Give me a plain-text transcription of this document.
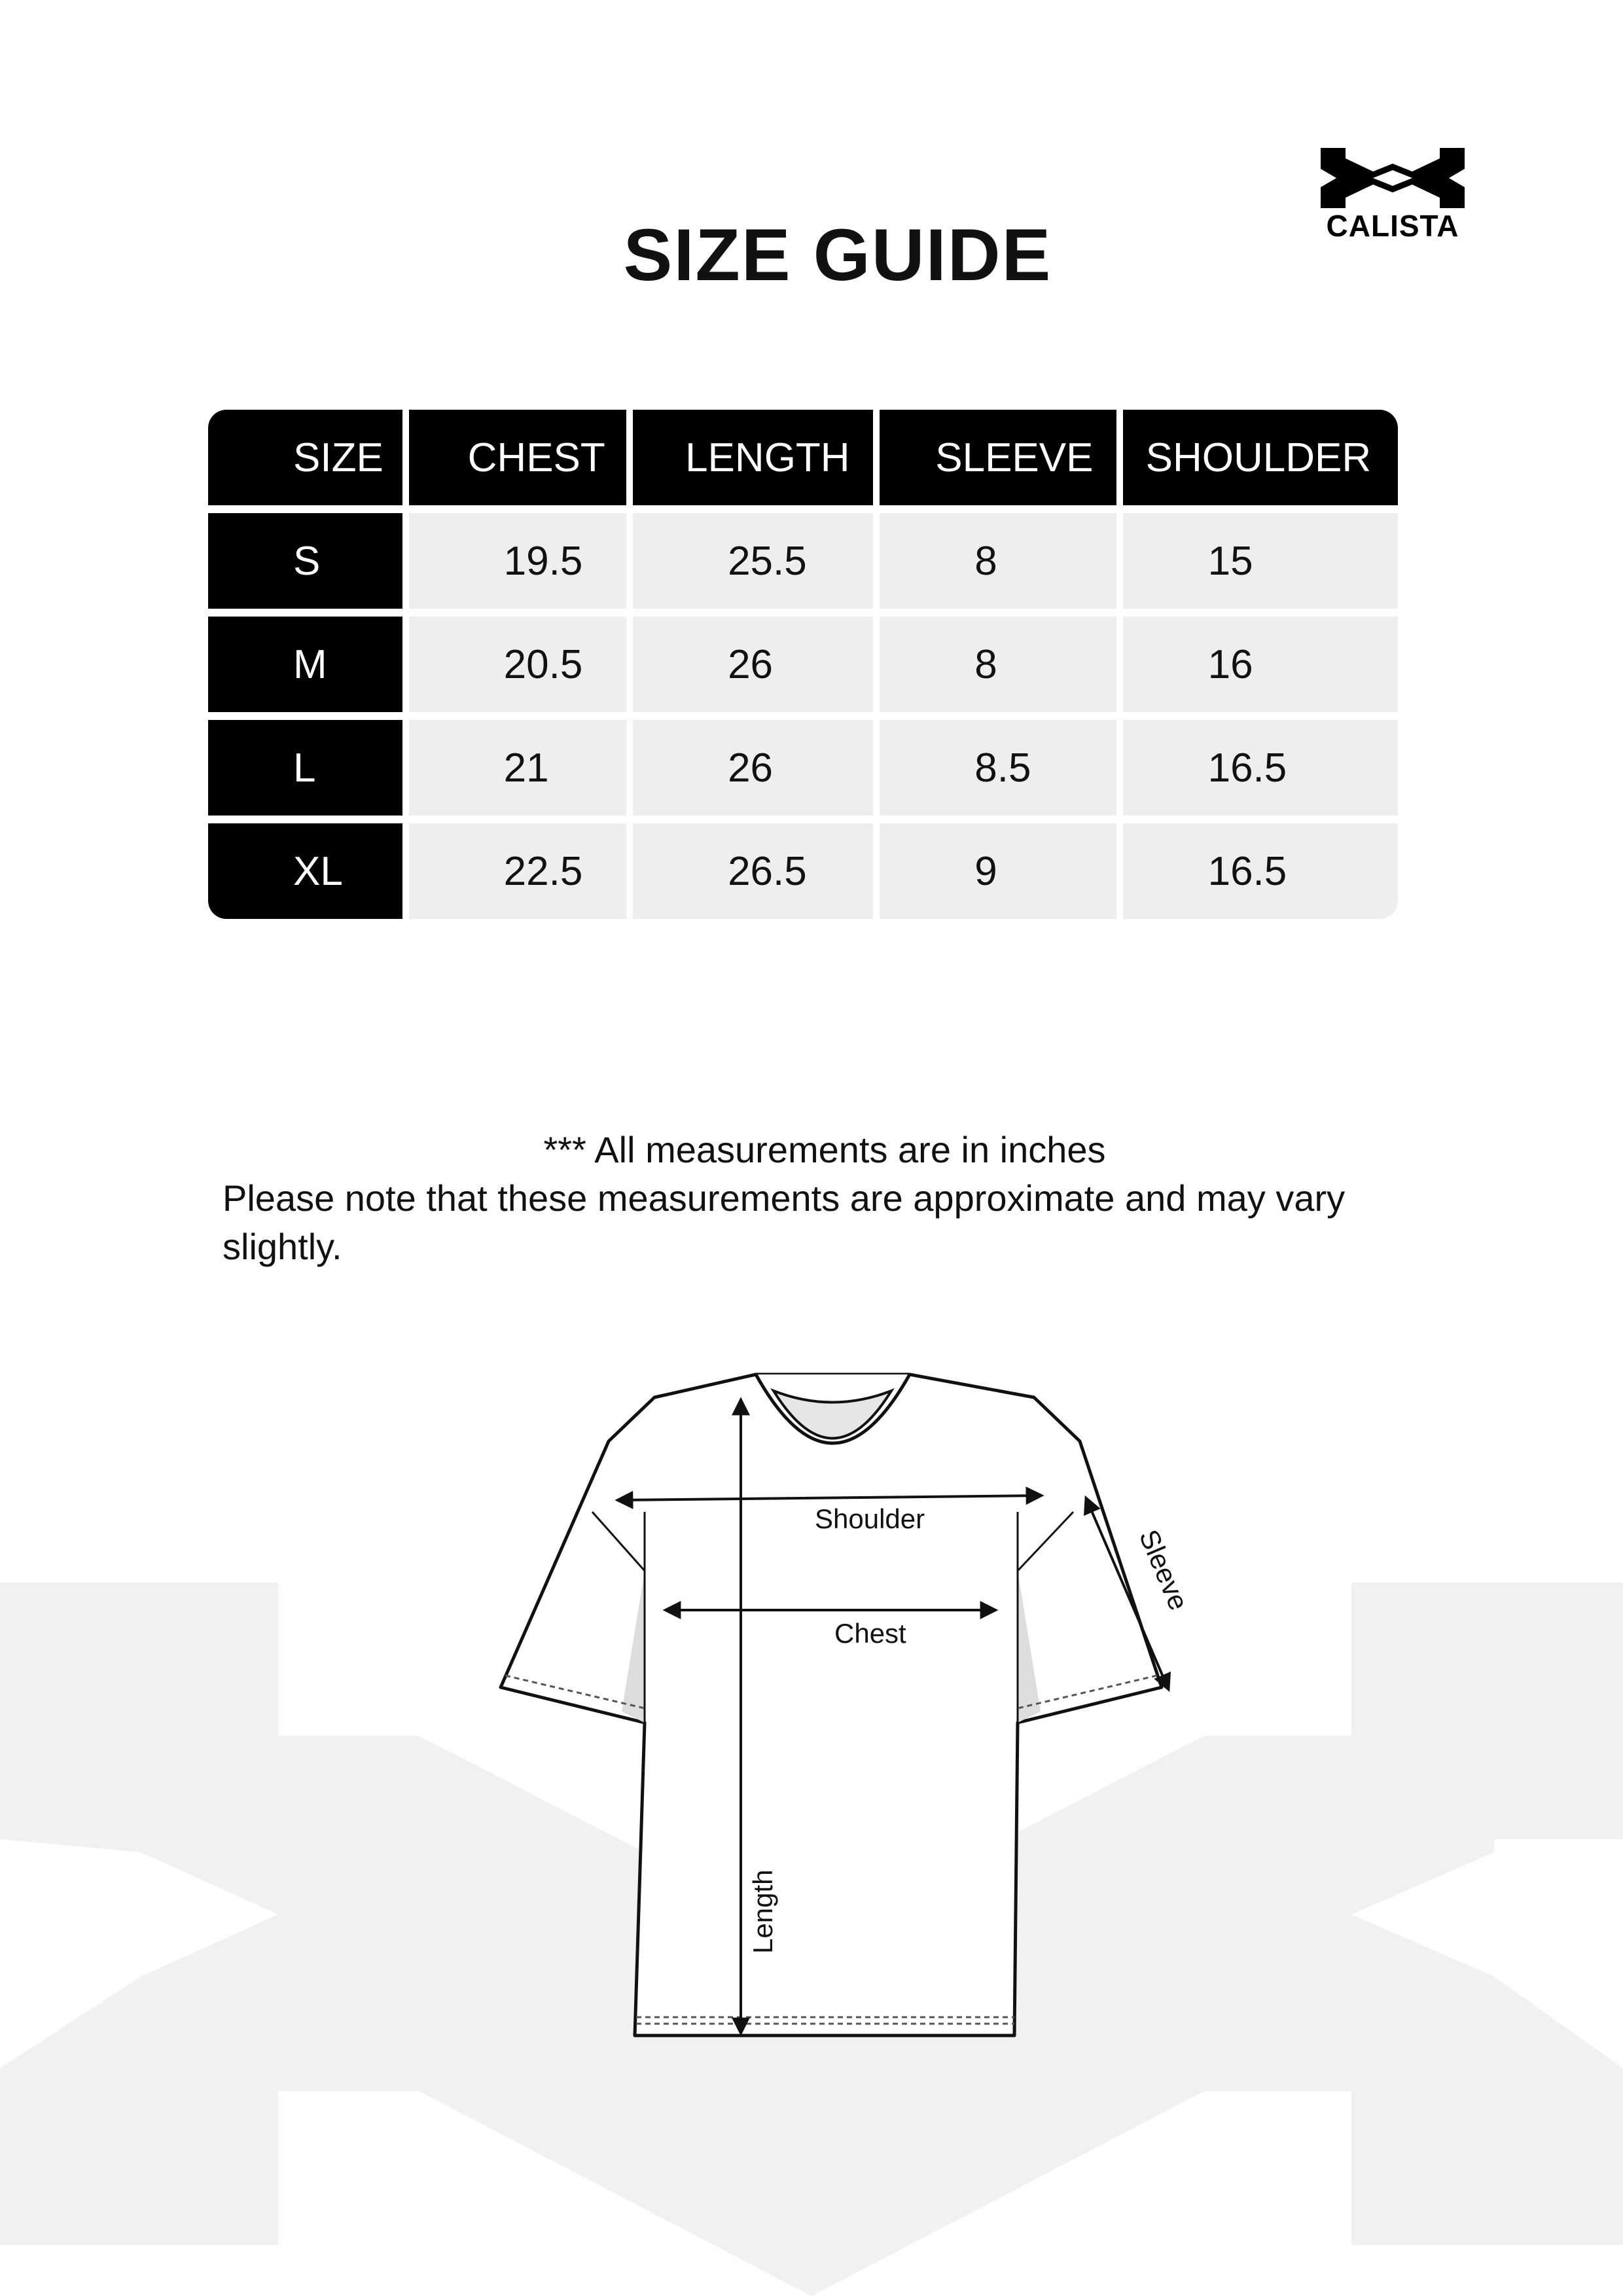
CALISTA
SIZE GUIDE
SIZE	CHEST	LENGTH	SLEEVE	SHOULDER
S	19.5	25.5	8	15
M	20.5	26	8	16
L	21	26	8.5	16.5
XL	22.5	26.5	9	16.5
*** All measurements are in inches
Please note that these measurements are approximate and may vary slightly.
Shoulder
Chest
Length
Sleeve
